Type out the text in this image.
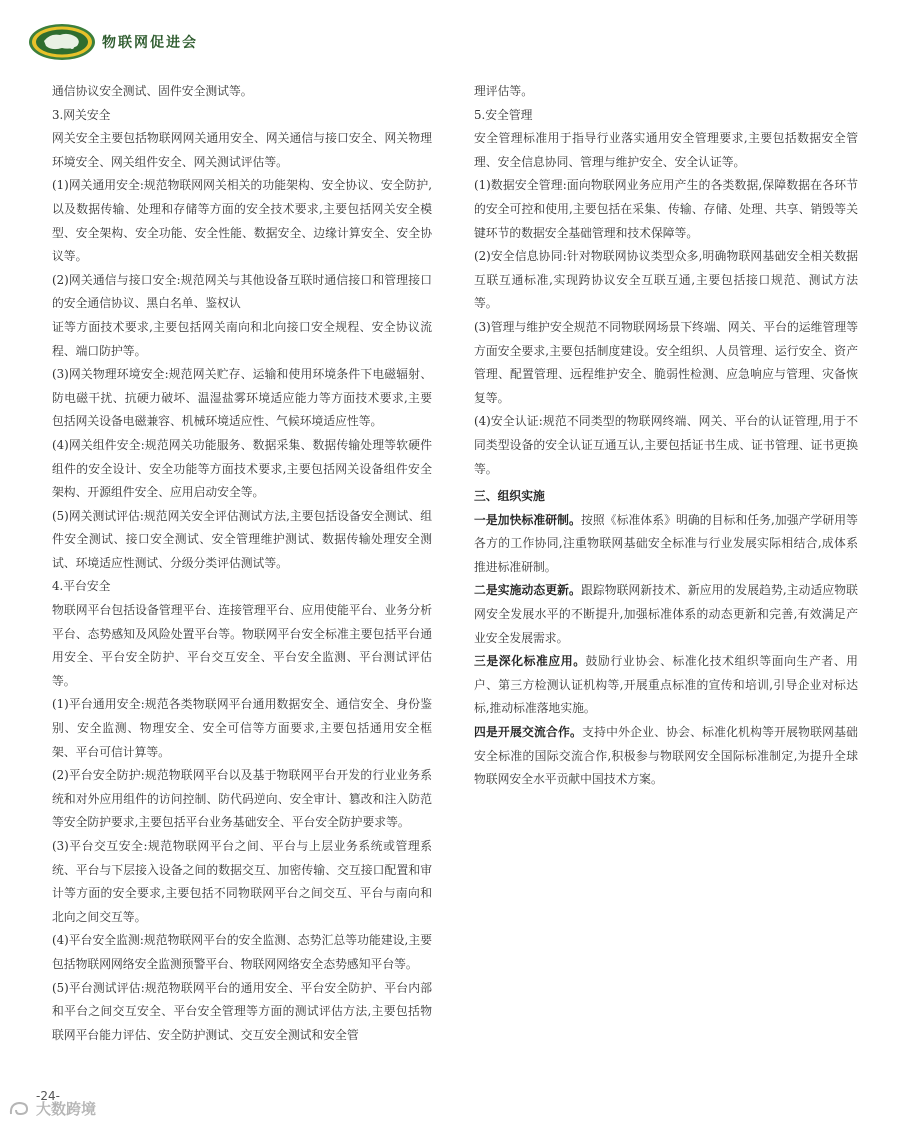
物联网促进会

通信协议安全测试、固件安全测试等。

3.网关安全

网关安全主要包括物联网网关通用安全、网关通信与接口安全、网关物理环境安全、网关组件安全、网关测试评估等。

(1)网关通用安全:规范物联网网关相关的功能架构、安全协议、安全防护,以及数据传输、处理和存储等方面的安全技术要求,主要包括网关安全模型、安全架构、安全功能、安全性能、数据安全、边缘计算安全、安全协议等。

(2)网关通信与接口安全:规范网关与其他设备互联时通信接口和管理接口的安全通信协议、黑白名单、鉴权认

证等方面技术要求,主要包括网关南向和北向接口安全规程、安全协议流程、端口防护等。

(3)网关物理环境安全:规范网关贮存、运输和使用环境条件下电磁辐射、防电磁干扰、抗硬力破坏、温湿盐雾环境适应能力等方面技术要求,主要包括网关设备电磁兼容、机械环境适应性、气候环境适应性等。

(4)网关组件安全:规范网关功能服务、数据采集、数据传输处理等软硬件组件的安全设计、安全功能等方面技术要求,主要包括网关设备组件安全架构、开源组件安全、应用启动安全等。

(5)网关测试评估:规范网关安全评估测试方法,主要包括设备安全测试、组件安全测试、接口安全测试、安全管理维护测试、数据传输处理安全测试、环境适应性测试、分级分类评估测试等。

4.平台安全

物联网平台包括设备管理平台、连接管理平台、应用使能平台、业务分析平台、态势感知及风险处置平台等。物联网平台安全标准主要包括平台通用安全、平台安全防护、平台交互安全、平台安全监测、平台测试评估等。

(1)平台通用安全:规范各类物联网平台通用数据安全、通信安全、身份鉴别、安全监测、物理安全、安全可信等方面要求,主要包括通用安全框架、平台可信计算等。

(2)平台安全防护:规范物联网平台以及基于物联网平台开发的行业业务系统和对外应用组件的访问控制、防代码逆向、安全审计、篡改和注入防范等安全防护要求,主要包括平台业务基础安全、平台安全防护要求等。

(3)平台交互安全:规范物联网平台之间、平台与上层业务系统或管理系统、平台与下层接入设备之间的数据交互、加密传输、交互接口配置和审计等方面的安全要求,主要包括不同物联网平台之间交互、平台与南向和北向之间交互等。

(4)平台安全监测:规范物联网平台的安全监测、态势汇总等功能建设,主要包括物联网网络安全监测预警平台、物联网网络安全态势感知平台等。

(5)平台测试评估:规范物联网平台的通用安全、平台安全防护、平台内部和平台之间交互安全、平台安全管理等方面的测试评估方法,主要包括物联网平台能力评估、安全防护测试、交互安全测试和安全管

理评估等。

5.安全管理

安全管理标准用于指导行业落实通用安全管理要求,主要包括数据安全管理、安全信息协同、管理与维护安全、安全认证等。

(1)数据安全管理:面向物联网业务应用产生的各类数据,保障数据在各环节的安全可控和使用,主要包括在采集、传输、存储、处理、共享、销毁等关键环节的数据安全基础管理和技术保障等。

(2)安全信息协同:针对物联网协议类型众多,明确物联网基础安全相关数据互联互通标准,实现跨协议安全互联互通,主要包括接口规范、测试方法等。

(3)管理与维护安全规范不同物联网场景下终端、网关、平台的运维管理等方面安全要求,主要包括制度建设。安全组织、人员管理、运行安全、资产管理、配置管理、远程维护安全、脆弱性检测、应急响应与管理、灾备恢复等。

(4)安全认证:规范不同类型的物联网终端、网关、平台的认证管理,用于不同类型设备的安全认证互通互认,主要包括证书生成、证书管理、证书更换等。

三、组织实施

一是加快标准研制。按照《标准体系》明确的目标和任务,加强产学研用等各方的工作协同,注重物联网基础安全标准与行业发展实际相结合,成体系推进标准研制。

二是实施动态更新。跟踪物联网新技术、新应用的发展趋势,主动适应物联网安全发展水平的不断提升,加强标准体系的动态更新和完善,有效满足产业安全发展需求。

三是深化标准应用。鼓励行业协会、标准化技术组织等面向生产者、用户、第三方检测认证机构等,开展重点标准的宣传和培训,引导企业对标达标,推动标准落地实施。

四是开展交流合作。支持中外企业、协会、标准化机构等开展物联网基础安全标准的国际交流合作,积极参与物联网安全国际标准制定,为提升全球物联网安全水平贡献中国技术方案。

-24-
大数跨境
